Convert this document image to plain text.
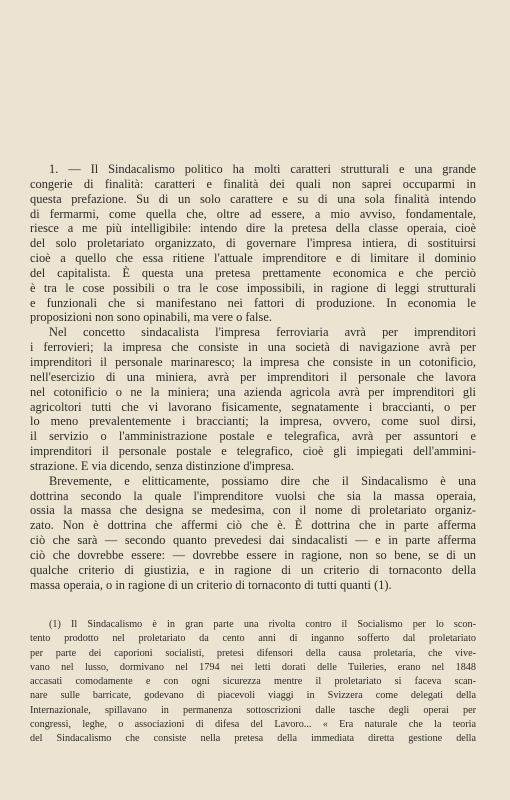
1. — Il Sindacalismo politico ha molti caratteri strutturali e una grande

congerie di finalità: caratteri e finalità dei quali non saprei occuparmi in

questa prefazione. Su di un solo carattere e su di una sola finalità intendo

di fermarmi, come quella che, oltre ad essere, a mio avviso, fondamentale,

riesce a me più intelligibile: intendo dire la pretesa della classe operaia, cioè

del solo proletariato organizzato, di governare l'impresa intiera, di sostituirsi

cioè a quello che essa ritiene l'attuale imprenditore e di limitare il dominio

del capitalista. È questa una pretesa prettamente economica e che perciò

è tra le cose possibili o tra le cose impossibili, in ragione di leggi strutturali

e funzionali che si manifestano nei fattori di produzione. In economia le

proposizioni non sono opinabili, ma vere o false.

Nel concetto sindacalista l'impresa ferroviaria avrà per imprenditori

i ferrovieri; la impresa che consiste in una società di navigazione avrà per

imprenditori il personale marinaresco; la impresa che consiste in un cotonificio,

nell'esercizio di una miniera, avrà per imprenditori il personale che lavora

nel cotonificio o ne la miniera; una azienda agricola avrà per imprenditori gli

agricoltori tutti che vi lavorano fisicamente, segnatamente i braccianti, o per

lo meno prevalentemente i braccianti; la impresa, ovvero, come suol dirsi,

il servizio o l'amministrazione postale e telegrafica, avrà per assuntori e

imprenditori il personale postale e telegrafico, cioè gli impiegati dell'ammini-

strazione. E via dicendo, senza distinzione d'impresa.

Brevemente, e elitticamente, possiamo dire che il Sindacalismo è una

dottrina secondo la quale l'imprenditore vuolsi che sia la massa operaia,

ossia la massa che designa se medesima, con il nome di proletariato organiz-

zato. Non è dottrina che affermi ciò che è. È dottrina che in parte afferma

ciò che sarà — secondo quanto prevedesi dai sindacalisti — e in parte afferma

ciò che dovrebbe essere: — dovrebbe essere in ragione, non so bene, se di un

qualche criterio di giustizia, e in ragione di un criterio di tornaconto della

massa operaia, o in ragione di un criterio di tornaconto di tutti quanti (1).

(1) Il Sindacalismo è in gran parte una rivolta contro il Socialismo per lo scon-

tento prodotto nel proletariato da cento anni di inganno sofferto dal proletariato

per parte dei caporioni socialisti, pretesi difensori della causa proletaria, che vive-

vano nel lusso, dormivano nel 1794 nei letti dorati delle Tuileries, erano nel 1848

accasati comodamente e con ogni sicurezza mentre il proletariato si faceva scan-

nare sulle barricate, godevano di piacevoli viaggi in Svizzera come delegati della

Internazionale, spillavano in permanenza sottoscrizioni dalle tasche degli operai per

congressi, leghe, o associazioni di difesa del Lavoro... « Era naturale che la teoria

del Sindacalismo che consiste nella pretesa della immediata diretta gestione della
